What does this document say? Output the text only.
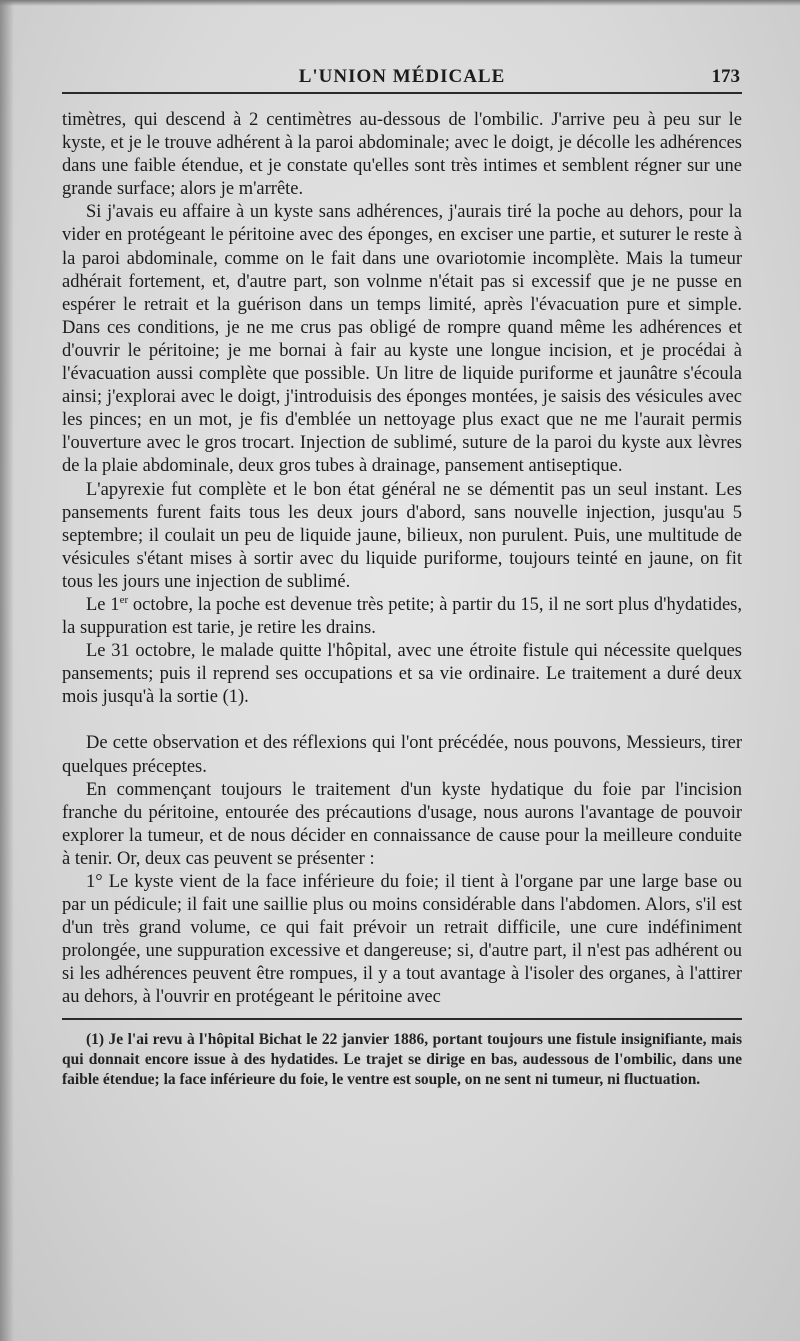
L'UNION MÉDICALE	173

timètres, qui descend à 2 centimètres au-dessous de l'ombilic. J'arrive peu à peu sur le kyste, et je le trouve adhérent à la paroi abdominale; avec le doigt, je décolle les adhérences dans une faible étendue, et je constate qu'elles sont très intimes et semblent régner sur une grande surface; alors je m'arrête.

Si j'avais eu affaire à un kyste sans adhérences, j'aurais tiré la poche au dehors, pour la vider en protégeant le péritoine avec des éponges, en exciser une partie, et suturer le reste à la paroi abdominale, comme on le fait dans une ovariotomie incomplète. Mais la tumeur adhérait fortement, et, d'autre part, son volnme n'était pas si excessif que je ne pusse en espérer le retrait et la guérison dans un temps limité, après l'évacuation pure et simple. Dans ces conditions, je ne me crus pas obligé de rompre quand même les adhérences et d'ouvrir le péritoine; je me bornai à fair au kyste une longue incision, et je procédai à l'évacuation aussi complète que possible. Un litre de liquide puriforme et jaunâtre s'écoula ainsi; j'explorai avec le doigt, j'introduisis des éponges montées, je saisis des vésicules avec les pinces; en un mot, je fis d'emblée un nettoyage plus exact que ne me l'aurait permis l'ouverture avec le gros trocart. Injection de sublimé, suture de la paroi du kyste aux lèvres de la plaie abdominale, deux gros tubes à drainage, pansement antiseptique.

L'apyrexie fut complète et le bon état général ne se démentit pas un seul instant. Les pansements furent faits tous les deux jours d'abord, sans nouvelle injection, jusqu'au 5 septembre; il coulait un peu de liquide jaune, bilieux, non purulent. Puis, une multitude de vésicules s'étant mises à sortir avec du liquide puriforme, toujours teinté en jaune, on fit tous les jours une injection de sublimé.

Le 1er octobre, la poche est devenue très petite; à partir du 15, il ne sort plus d'hydatides, la suppuration est tarie, je retire les drains.

Le 31 octobre, le malade quitte l'hôpital, avec une étroite fistule qui nécessite quelques pansements; puis il reprend ses occupations et sa vie ordinaire. Le traitement a duré deux mois jusqu'à la sortie (1).

De cette observation et des réflexions qui l'ont précédée, nous pouvons, Messieurs, tirer quelques préceptes.

En commençant toujours le traitement d'un kyste hydatique du foie par l'incision franche du péritoine, entourée des précautions d'usage, nous aurons l'avantage de pouvoir explorer la tumeur, et de nous décider en connaissance de cause pour la meilleure conduite à tenir. Or, deux cas peuvent se présenter :

1° Le kyste vient de la face inférieure du foie; il tient à l'organe par une large base ou par un pédicule; il fait une saillie plus ou moins considérable dans l'abdomen. Alors, s'il est d'un très grand volume, ce qui fait prévoir un retrait difficile, une cure indéfiniment prolongée, une suppuration excessive et dangereuse; si, d'autre part, il n'est pas adhérent ou si les adhérences peuvent être rompues, il y a tout avantage à l'isoler des organes, à l'attirer au dehors, à l'ouvrir en protégeant le péritoine avec

(1) Je l'ai revu à l'hôpital Bichat le 22 janvier 1886, portant toujours une fistule insignifiante, mais qui donnait encore issue à des hydatides. Le trajet se dirige en bas, audessous de l'ombilic, dans une faible étendue; la face inférieure du foie, le ventre est souple, on ne sent ni tumeur, ni fluctuation.
